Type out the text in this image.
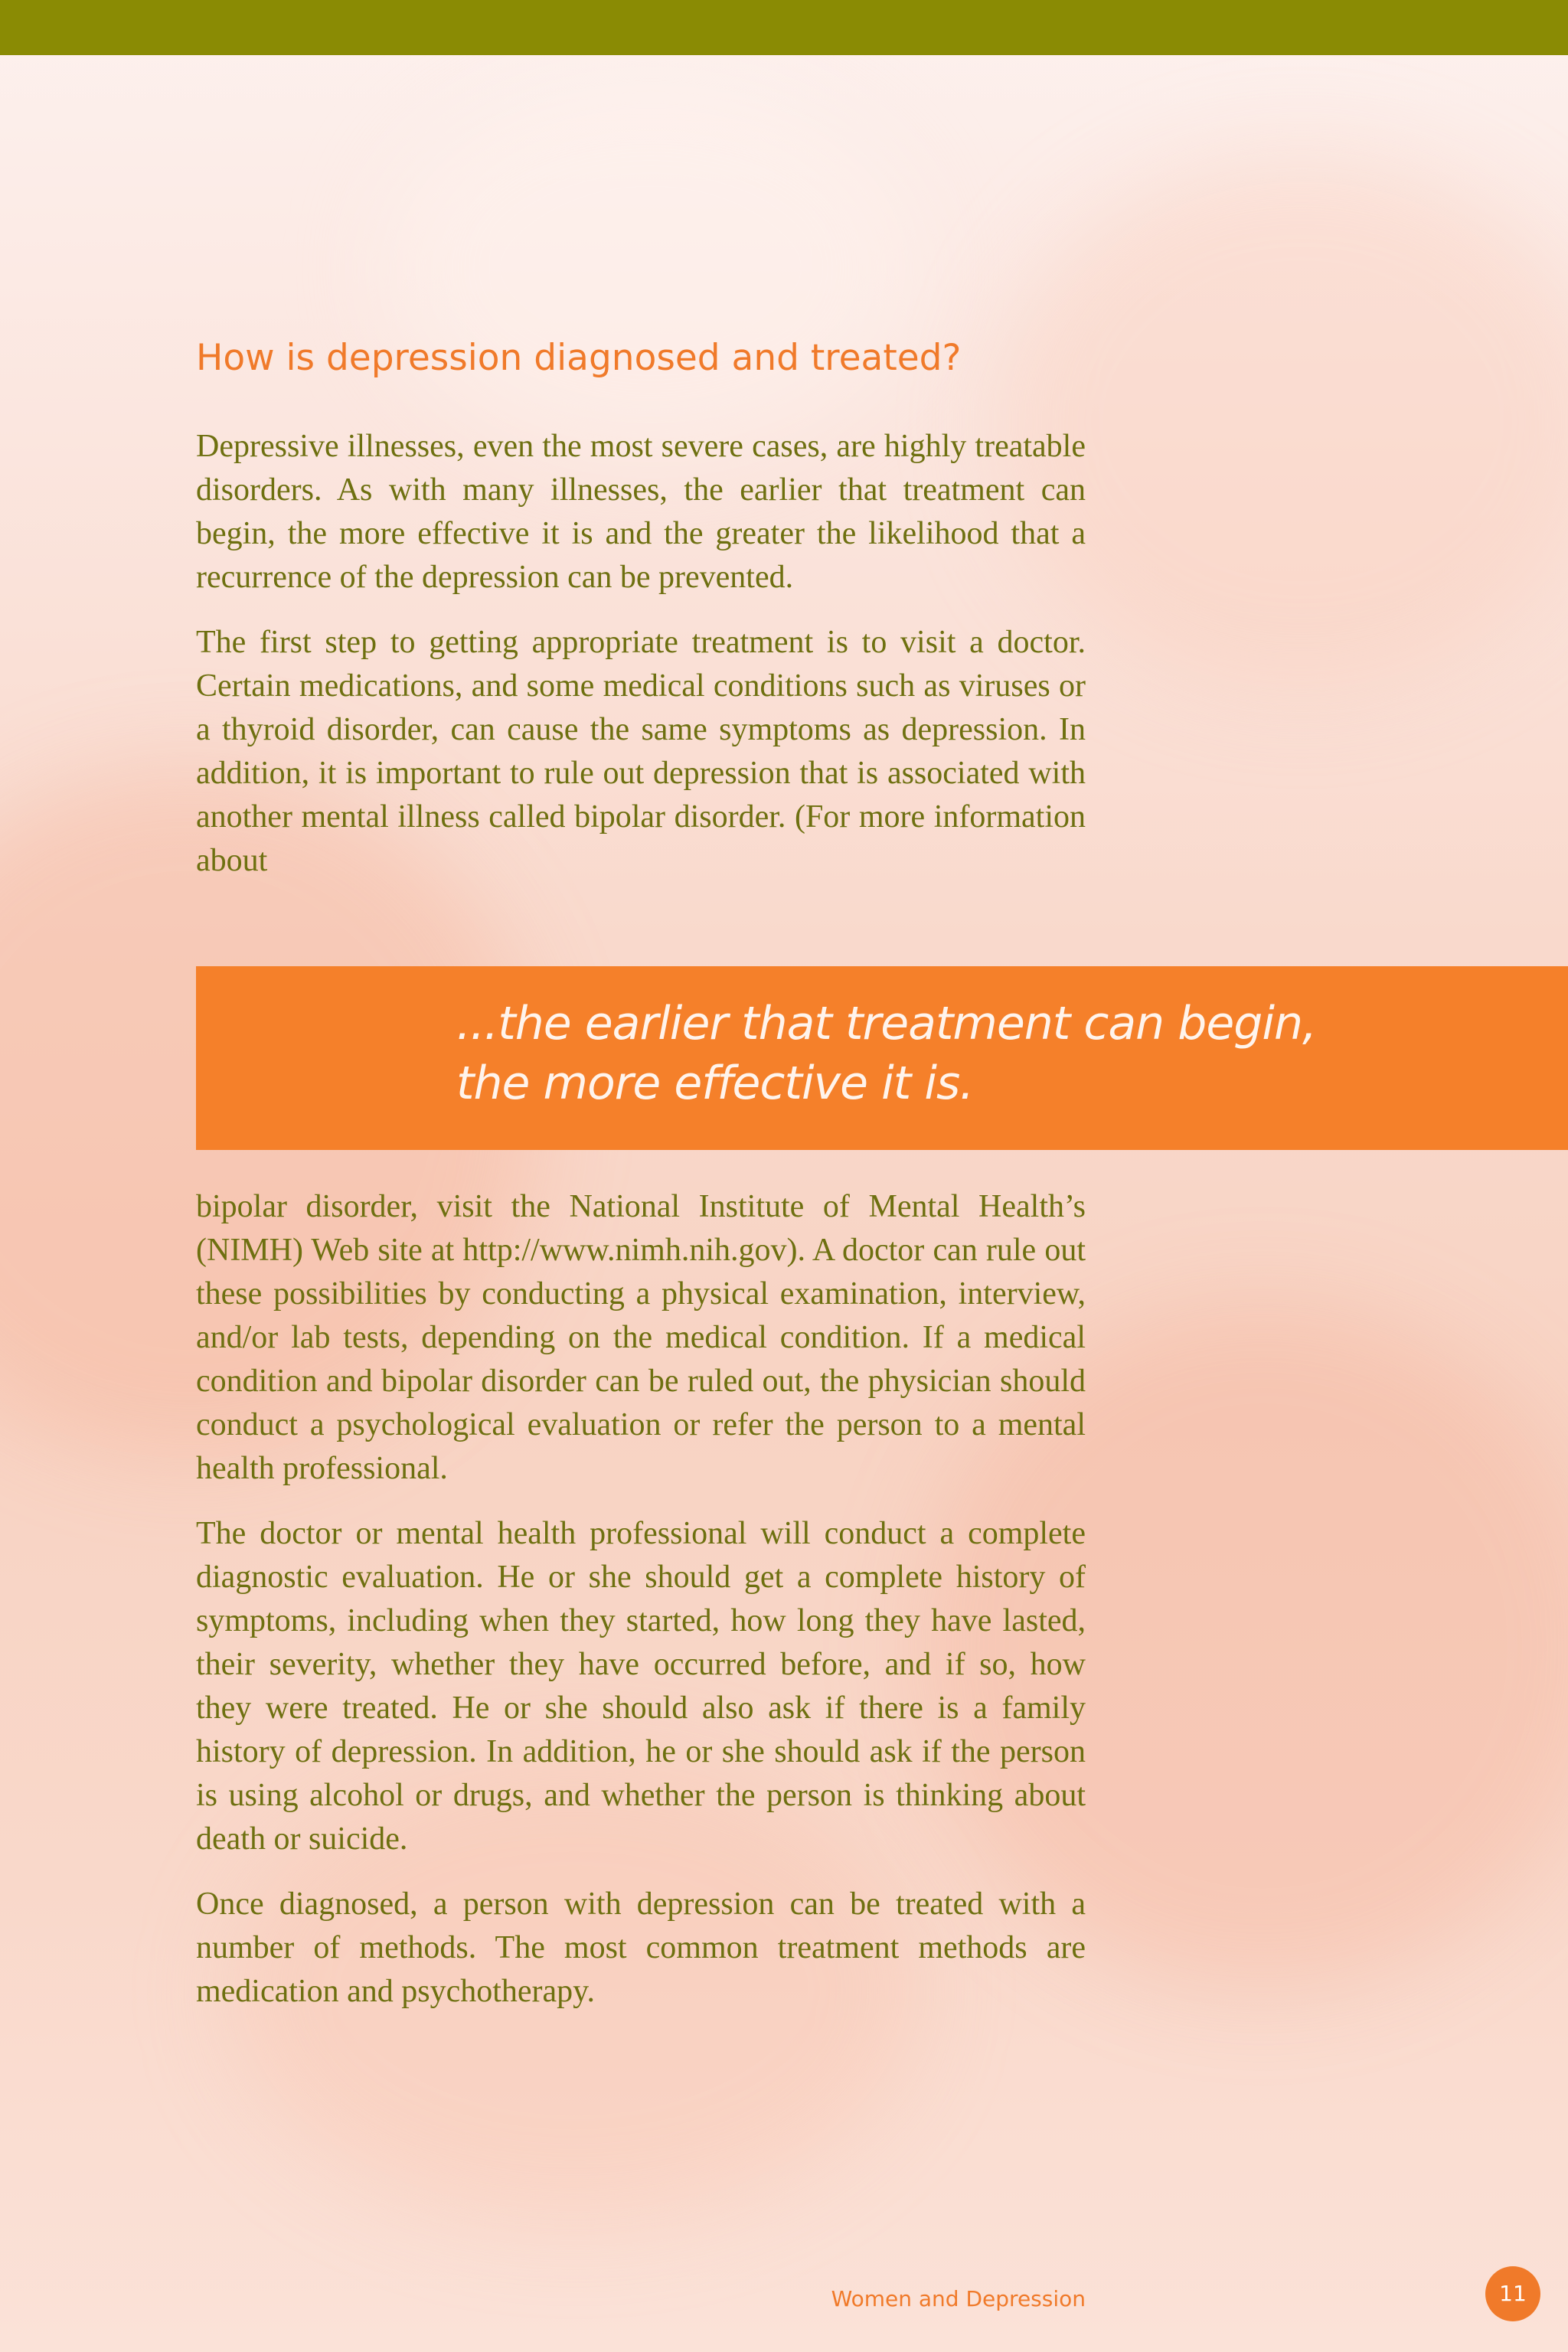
How is depression diagnosed and treated?

Depressive illnesses, even the most severe cases, are highly treatable disorders. As with many illnesses, the earlier that treatment can begin, the more effective it is and the greater the likelihood that a recurrence of the depression can be prevented.

The first step to getting appropriate treatment is to visit a doctor. Certain medications, and some medical conditions such as viruses or a thyroid disorder, can cause the same symptoms as depression. In addition, it is important to rule out depression that is associated with another mental illness called bipolar disorder. (For more information about

...the earlier that treatment can begin,
the more effective it is.

bipolar disorder, visit the National Institute of Mental Health’s (NIMH) Web site at http://www.nimh.nih.gov). A doctor can rule out these possibilities by conducting a physical examination, interview, and/or lab tests, depending on the medical condition. If a medical condition and bipolar disorder can be ruled out, the physician should conduct a psychological evaluation or refer the person to a mental health professional.

The doctor or mental health professional will conduct a complete diagnostic evaluation. He or she should get a complete history of symptoms, including when they started, how long they have lasted, their severity, whether they have occurred before, and if so, how they were treated. He or she should also ask if there is a family history of depression. In addition, he or she should ask if the person is using alcohol or drugs, and whether the person is thinking about death or suicide.

Once diagnosed, a person with depression can be treated with a number of methods. The most common treatment methods are medication and psychotherapy.

Women and Depression	11
